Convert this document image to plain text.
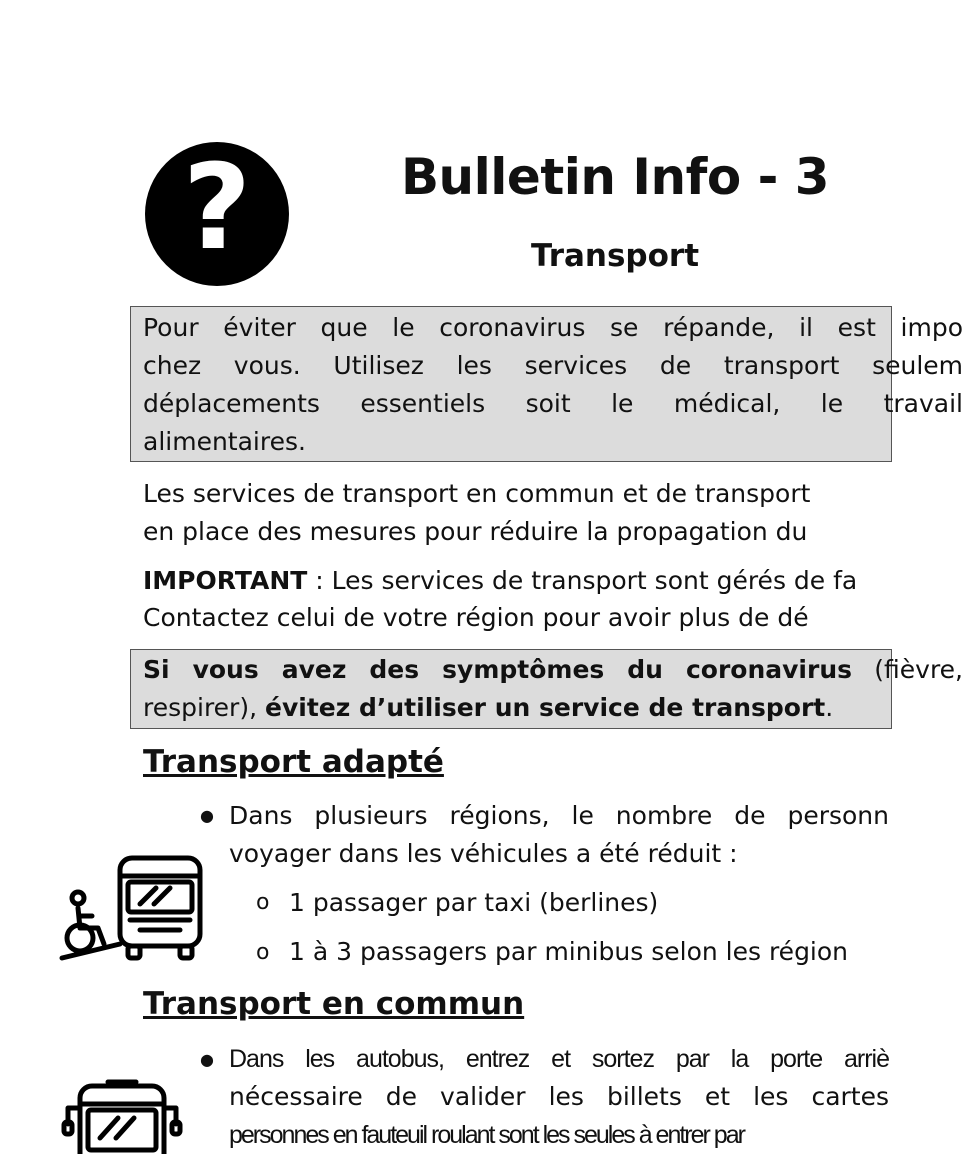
?	Bulletin Info - 3
Transport
Pour éviter que le coronavirus se répande, il est impo
chez vous. Utilisez les services de transport seulem
déplacements essentiels soit le médical, le travail
alimentaires.
Les services de transport en commun et de transport
en place des mesures pour réduire la propagation du
IMPORTANT : Les services de transport sont gérés de fa
Contactez celui de votre région pour avoir plus de dé
Si vous avez des symptômes du coronavirus (fièvre,
respirer), évitez d’utiliser un service de transport.
Transport adapté
● Dans plusieurs régions, le nombre de personn
voyager dans les véhicules a été réduit :
o 1 passager par taxi (berlines)
o 1 à 3 passagers par minibus selon les région
Transport en commun
● Dans les autobus, entrez et sortez par la porte arriè
nécessaire de valider les billets et les cartes
personnes en fauteuil roulant sont les seules à entrer par
